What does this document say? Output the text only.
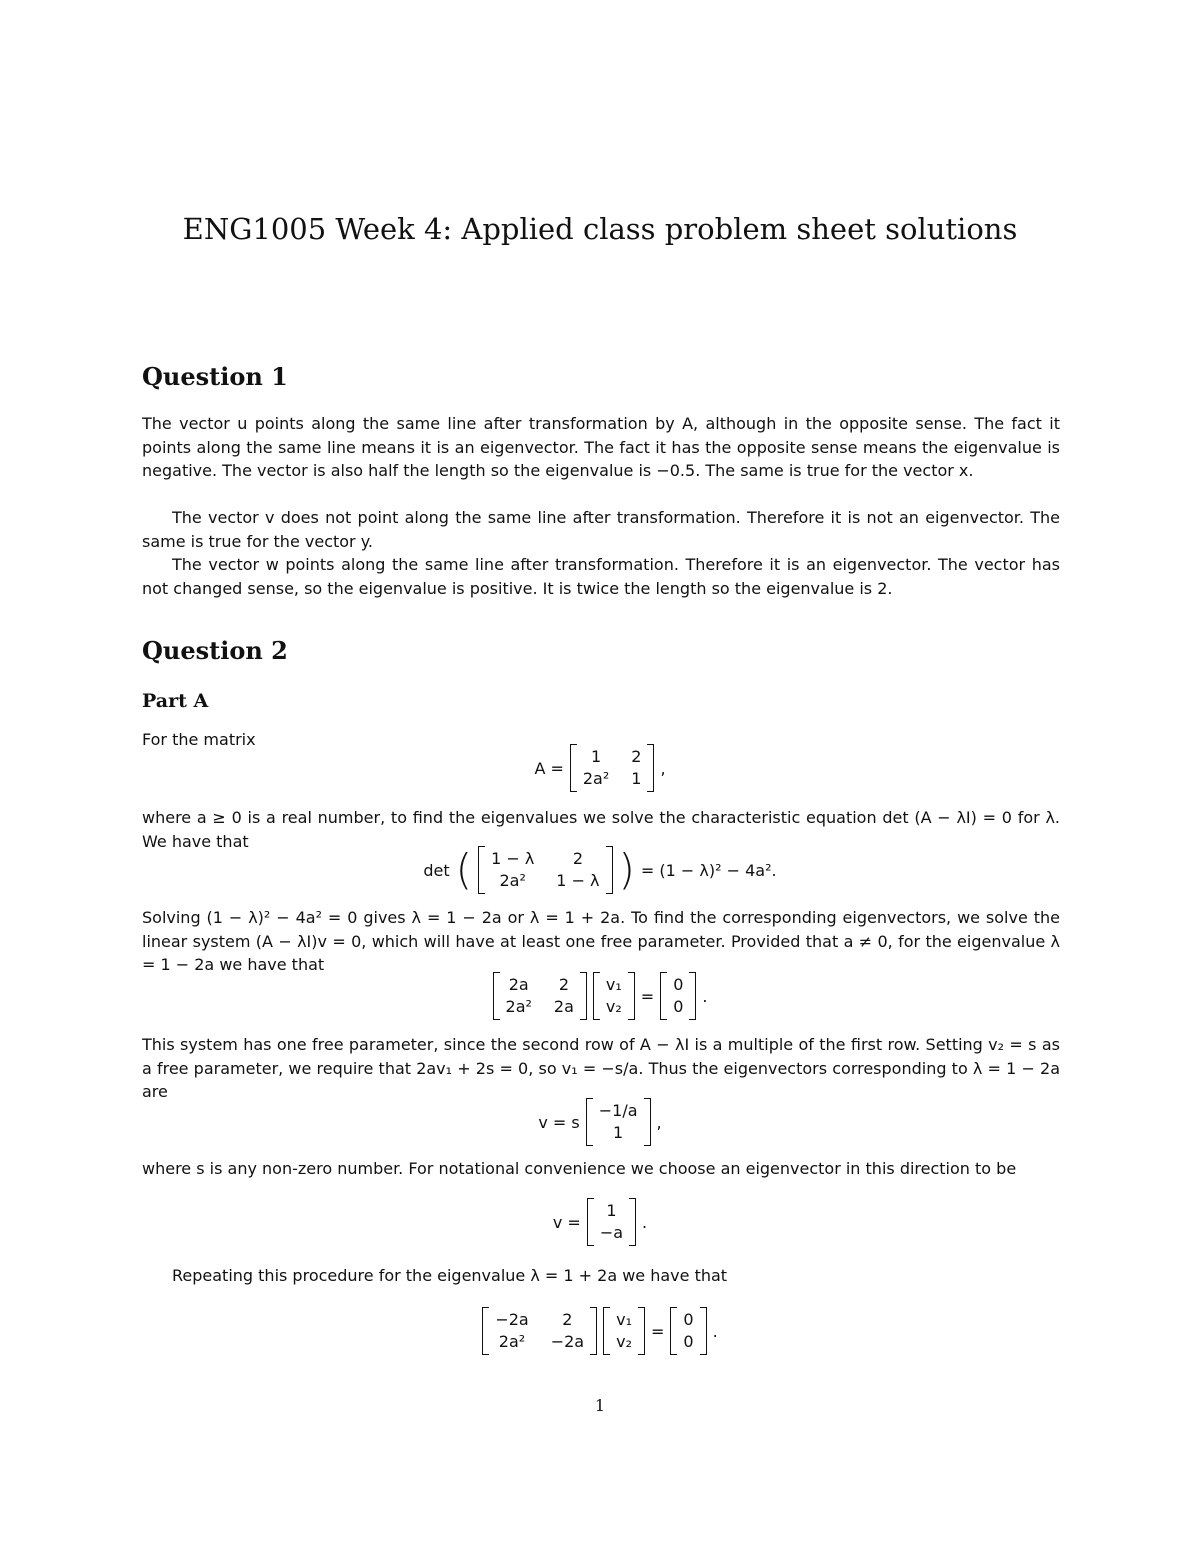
ENG1005 Week 4: Applied class problem sheet solutions
Question 1

The vector u points along the same line after transformation by A, although in the opposite sense. The fact it points along the same line means it is an eigenvector. The fact it has the opposite sense means the eigenvalue is negative. The vector is also half the length so the eigenvalue is −0.5. The same is true for the vector x.

The vector v does not point along the same line after transformation. Therefore it is not an eigenvector. The same is true for the vector y.

The vector w points along the same line after transformation. Therefore it is an eigenvector. The vector has not changed sense, so the eigenvalue is positive. It is twice the length so the eigenvalue is 2.

Question 2
Part A

For the matrix

A =
1	2
2a² 1
,

where a ≥ 0 is a real number, to find the eigenvalues we solve the characteristic equation det (A − λI) = 0 for λ. We have that

det ( 1 − λ	2
2a²	1 − λ ) = (1 − λ)² − 4a².

Solving (1 − λ)² − 4a² = 0 gives λ = 1 − 2a or λ = 1 + 2a. To find the corresponding eigenvectors, we solve the linear system (A − λI)v = 0, which will have at least one free parameter. Provided that a ≠ 0, for the eigenvalue λ = 1 − 2a we have that

2a	2
2a² 2a
v₁
v₂
=
0
0
.

This system has one free parameter, since the second row of A − λI is a multiple of the first row. Setting v₂ = s as a free parameter, we require that 2av₁ + 2s = 0, so v₁ = −s/a. Thus the eigenvectors corresponding to λ = 1 − 2a are

v = s
−1/a
1
,

where s is any non-zero number. For notational convenience we choose an eigenvector in this direction to be

v =
1
−a
.

Repeating this procedure for the eigenvalue λ = 1 + 2a we have that

−2a	2
2a² −2a
v₁
v₂
=
0
0
.
1
